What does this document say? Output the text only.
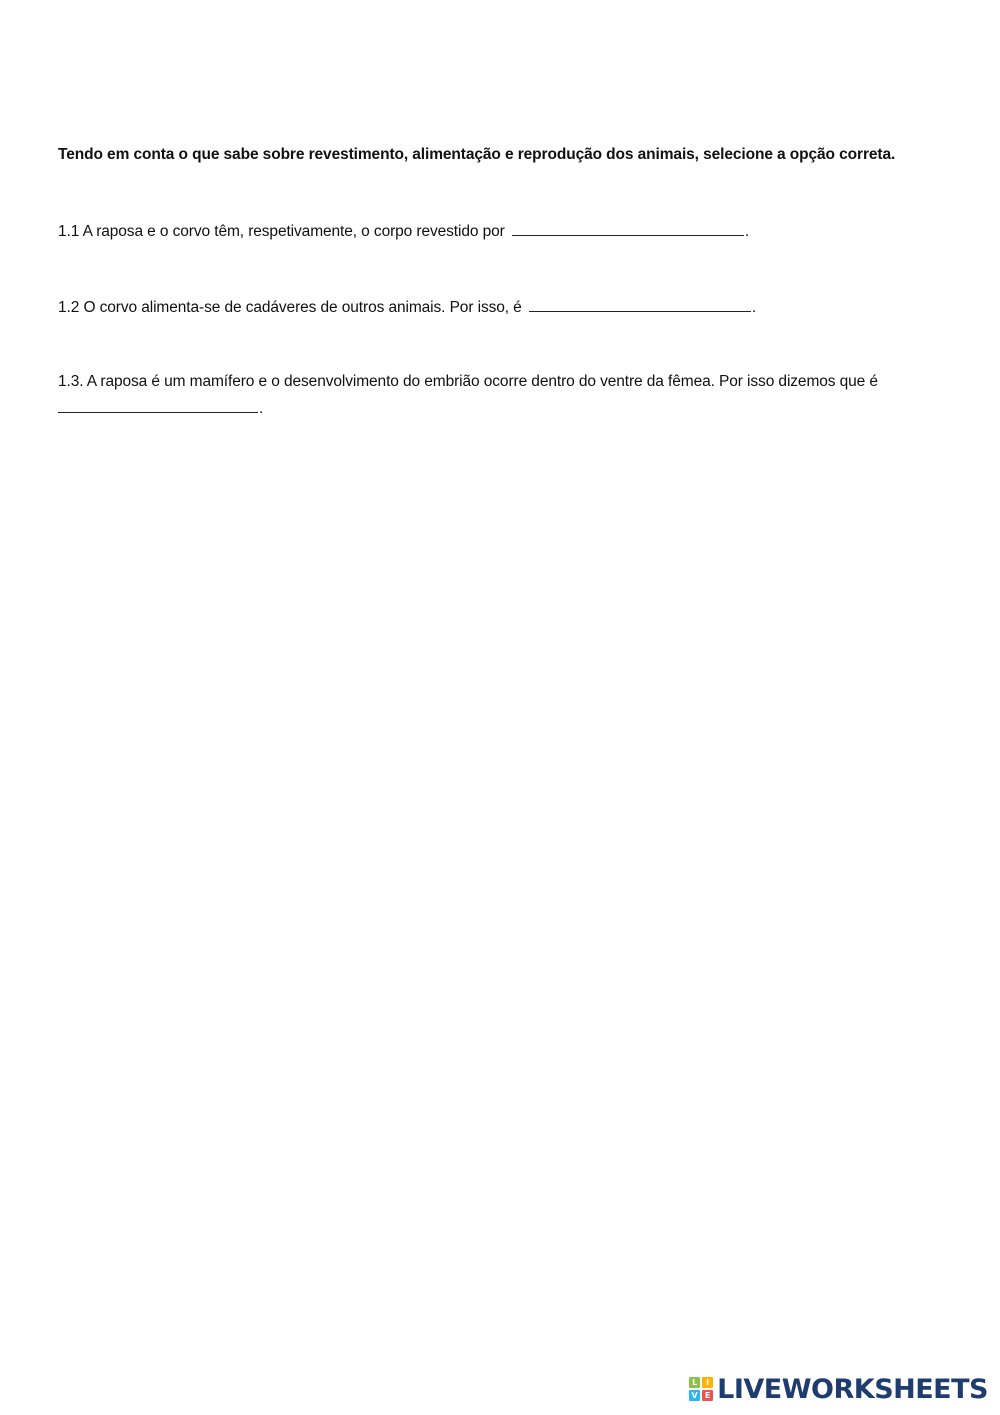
Tendo em conta o que sabe sobre revestimento, alimentação e reprodução dos animais, selecione a opção correta.
1.1 A raposa e o corvo têm, respetivamente, o corpo revestido por	.
1.2 O corvo alimenta-se de cadáveres de outros animais. Por isso, é	.
1.3. A raposa é um mamífero e o desenvolvimento do embrião ocorre dentro do ventre da fêmea. Por isso dizemos que é
.
L	I
V E LIVEWORKSHEETS
